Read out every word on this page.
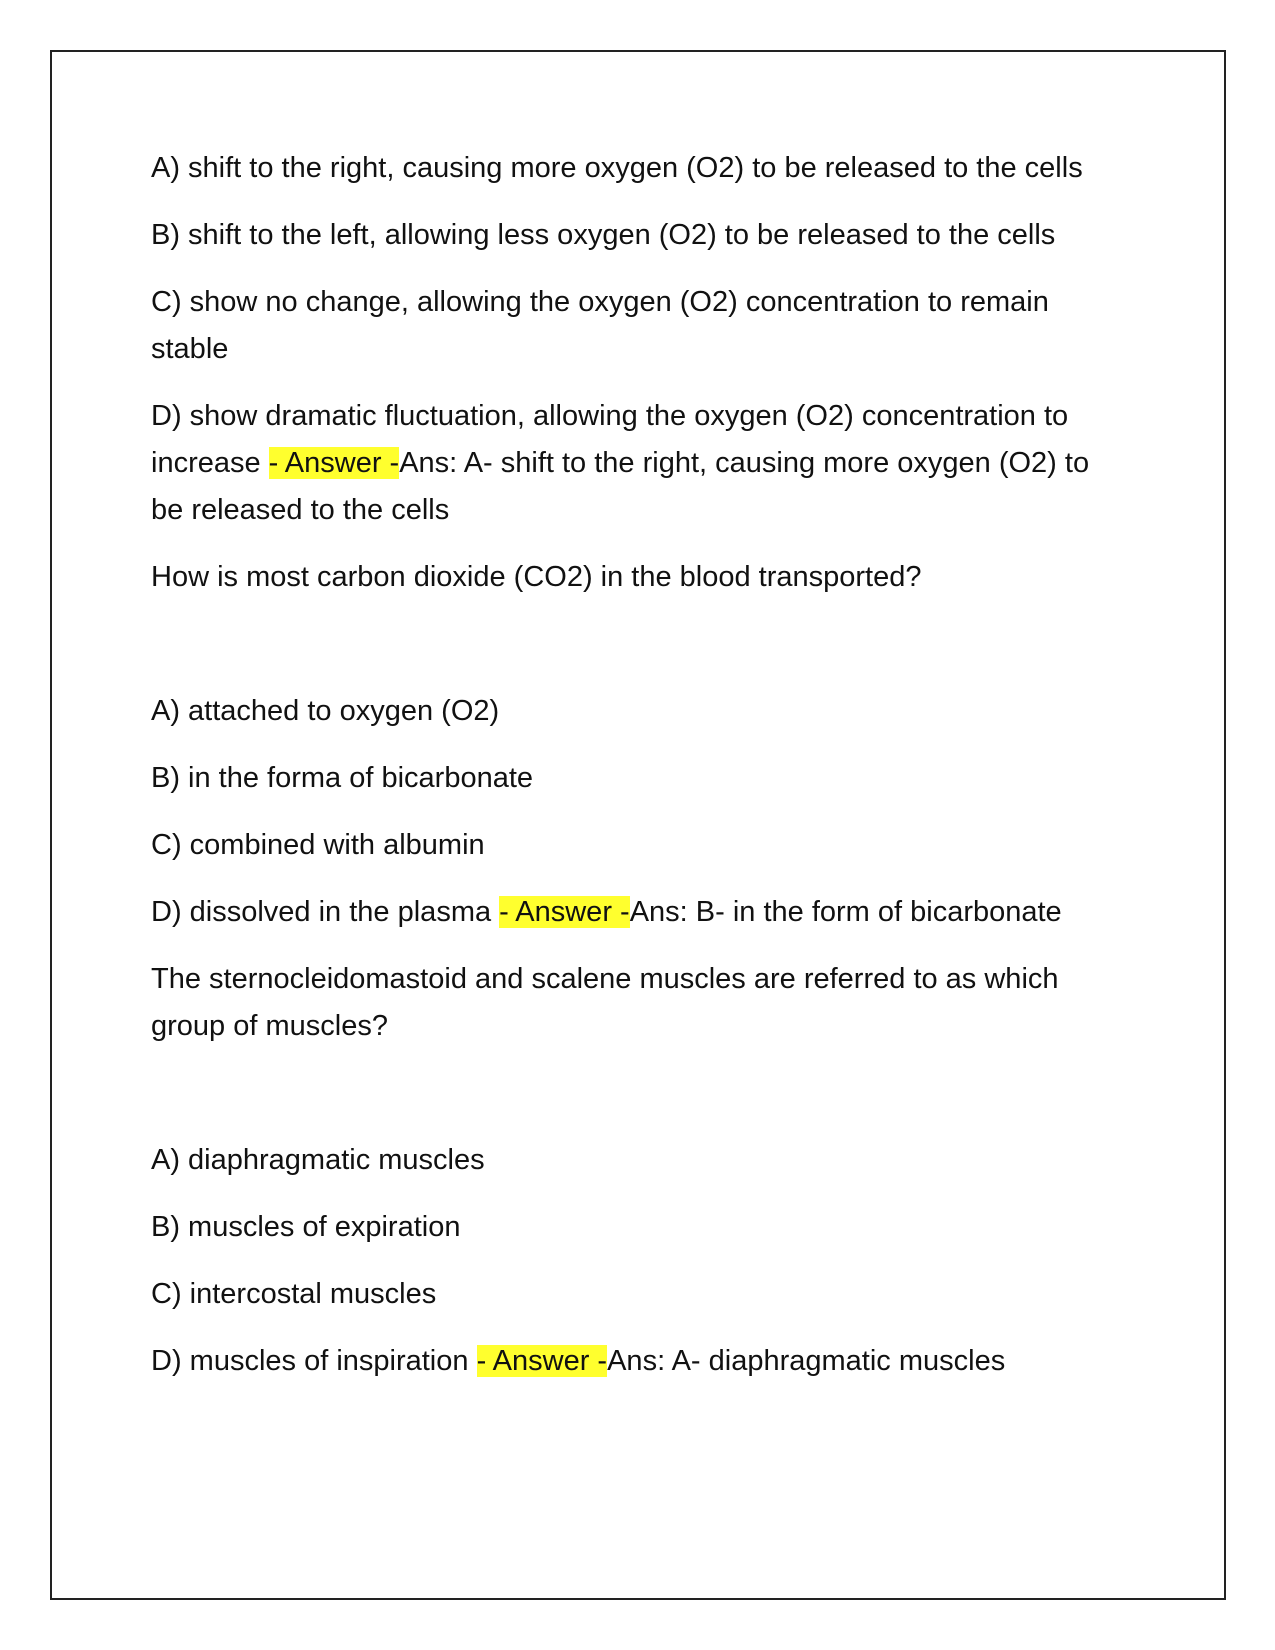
A) shift to the right, causing more oxygen (O2) to be released to the cells

B) shift to the left, allowing less oxygen (O2) to be released to the cells

C) show no change, allowing the oxygen (O2) concentration to remain stable

D) show dramatic fluctuation, allowing the oxygen (O2) concentration to increase - Answer -Ans: A- shift to the right, causing more oxygen (O2) to be released to the cells

How is most carbon dioxide (CO2) in the blood transported?

A) attached to oxygen (O2)

B) in the forma of bicarbonate

C) combined with albumin

D) dissolved in the plasma - Answer -Ans: B- in the form of bicarbonate

The sternocleidomastoid and scalene muscles are referred to as which group of muscles?

A) diaphragmatic muscles

B) muscles of expiration

C) intercostal muscles

D) muscles of inspiration - Answer -Ans: A- diaphragmatic muscles
